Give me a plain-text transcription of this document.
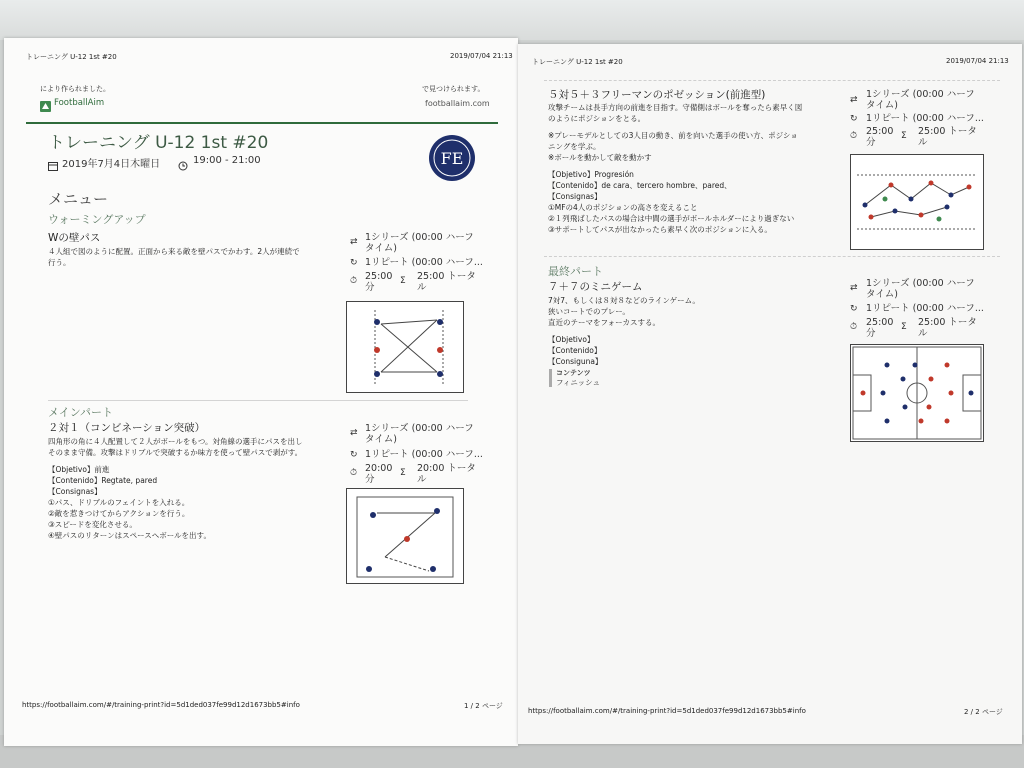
トレーニング U-12 1st #20	2019/07/04 21:13
により作られました。	で見つけられます。
FootballAim	footballaim.com
トレーニング U-12 1st #20
2019年7月4日木曜日	19:00 - 21:00	FE
メニュー
ウォーミングアップ
Wの壁パス
４人組で図のように配置。正面から来る敵を壁パスでかわす。2人が連続で
行う。
⇄ 1シリーズ (00:00 ハーフ
タイム)
↻ 1リピート (00:00 ハーフ...
⏱ 25:00
分
Σ 25:00 トータ
ル
メインパート
２対１（コンビネーション突破）
四角形の角に４人配置して２人がボールをもつ。対角線の選手にパスを出し
そのまま守備。攻撃はドリブルで突破するか味方を使って壁パスで剥がす。
【Objetivo】前進
【Contenido】Regtate, pared
【Consignas】
①パス、ドリブルのフェイントを入れる。
②敵を惹きつけてからアクションを行う。
③スピードを変化させる。
④壁パスのリターンはスペースへボールを出す。
⇄ 1シリーズ (00:00 ハーフ
タイム)
↻ 1リピート (00:00 ハーフ...
⏱ 20:00
分
Σ 20:00 トータ
ル
https://footballaim.com/#/training-print?id=5d1ded037fe99d12d1673bb5#info	1 / 2 ページ
トレーニング U-12 1st #20	2019/07/04 21:13
５対５＋３フリーマンのポゼッション(前進型)
攻撃チームは長手方向の前進を目指す。守備側はボールを奪ったら素早く図
のようにポジションをとる。
※プレーモデルとしての3人目の動き、前を向いた選手の使い方、ポジショ
ニングを学ぶ。
※ボールを動かして敵を動かす
【Objetivo】Progresión
【Contenido】de cara、tercero hombre、pared、
【Consignas】
①MFの4人のポジションの高さを変えること
②１列飛ばしたパスの場合は中間の選手がボールホルダーにより過ぎない
③サポートしてパスが出なかったら素早く次のポジションに入る。
⇄ 1シリーズ (00:00 ハーフ
タイム)
↻ 1リピート (00:00 ハーフ...
⏱ 25:00
分
Σ 25:00 トータ
ル
最終パート
７＋７のミニゲーム
7対7、もしくは８対８などのラインゲーム。
狭いコートでのプレー。
直近のテーマをフォーカスする。
【Objetivo】
【Contenido】
【Consiguna】
コンテンツ
フィニッシュ
⇄ 1シリーズ (00:00 ハーフ
タイム)
↻ 1リピート (00:00 ハーフ...
⏱ 25:00
分
Σ 25:00 トータ
ル
https://footballaim.com/#/training-print?id=5d1ded037fe99d12d1673bb5#info	2 / 2 ページ
